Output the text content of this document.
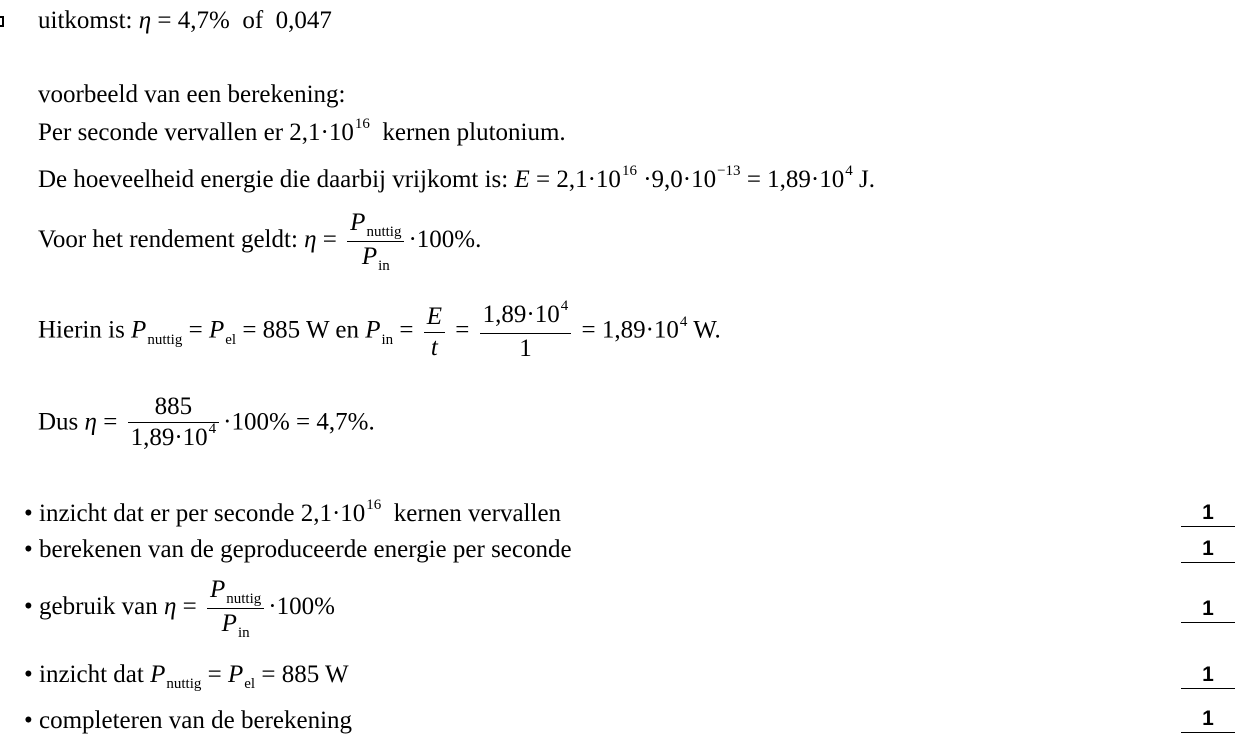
uitkomst: η = 4,7% of 0,047
voorbeeld van een berekening:
Per seconde vervallen er $2,1\cdot 10^{16}$ kernen plutonium.
De hoeveelheid energie die daarbij vrijkomt is: $E = 2,1\cdot 10^{16} \cdot 9,0\cdot 10^{-13} = 1,89\cdot 10^4$ J.
Voor het rendement geldt: $\eta = \frac{P_{nuttig}}{P_{in}} \cdot 100\%$.
Hierin is $P_{nuttig} = P_{el} = 885$ W en $P_{in} = \frac{E}{t} = \frac{1,89\cdot 10^4}{1} = 1,89\cdot 10^4$ W.
Dus $\eta = \frac{885}{1,89\cdot 10^4} \cdot 100\% = 4,7\%$.
• inzicht dat er per seconde $2,1\cdot 10^{16}$ kernen vervallen	1
• berekenen van de geproduceerde energie per seconde	1
• gebruik van $\eta = \frac{P_{nuttig}}{P_{in}} \cdot 100\%$	1
• inzicht dat $P_{nuttig} = P_{el} = 885$ W	1
• completeren van de berekening	1
